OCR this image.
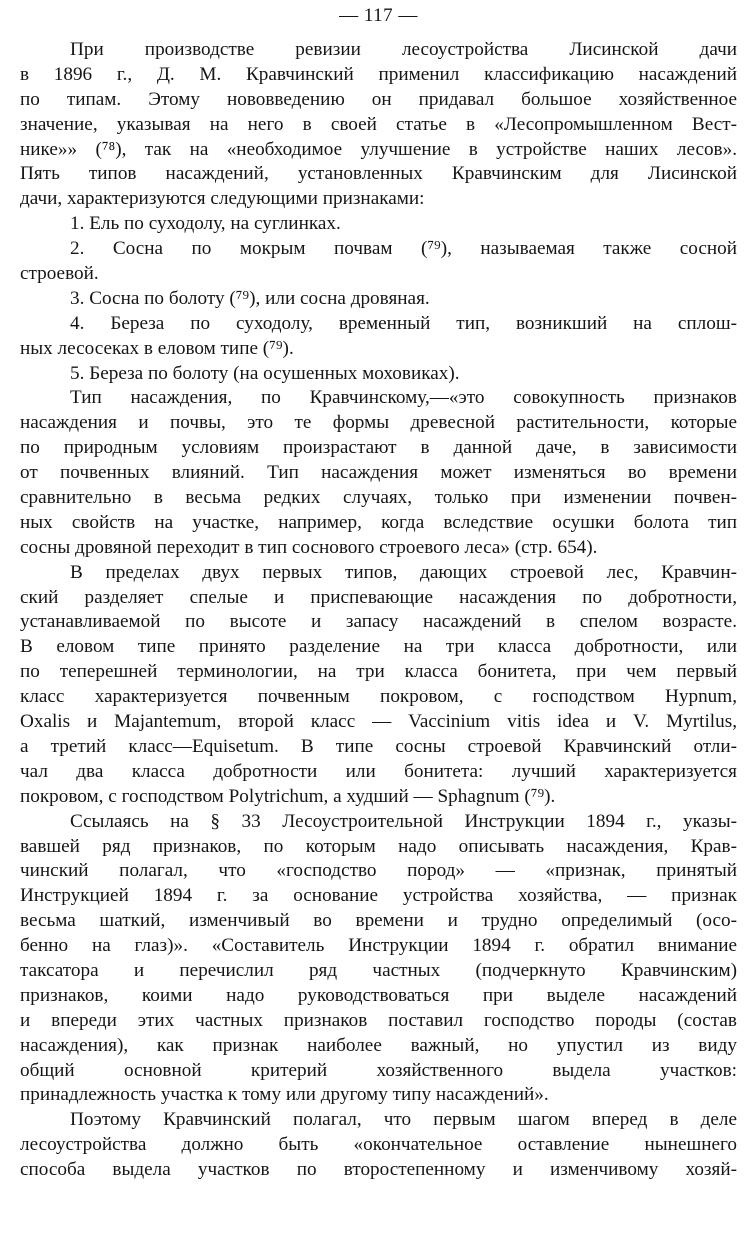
— 117 —
При производстве ревизии лесоустройства Лисинской дачи
в 1896 г., Д. М. Кравчинский применил классификацию насаждений
по типам. Этому нововведению он придавал большое хозяйственное
значение, указывая на него в своей статье в «Лесопромышленном Вест-
нике»» (⁷⁸), так на «необходимое улучшение в устройстве наших лесов».
Пять типов насаждений, установленных Кравчинским для Лисинской
дачи, характеризуются следующими признаками:
1. Ель по суходолу, на суглинках.
2. Сосна по мокрым почвам (⁷⁹), называемая также сосной
строевой.
3. Сосна по болоту (⁷⁹), или сосна дровяная.
4. Береза по суходолу, временный тип, возникший на сплош-
ных лесосеках в еловом типе (⁷⁹).
5. Береза по болоту (на осушенных моховиках).
Тип насаждения, по Кравчинскому,—«это совокупность признаков
насаждения и почвы, это те формы древесной растительности, которые
по природным условиям произрастают в данной даче, в зависимости
от почвенных влияний. Тип насаждения может изменяться во времени
сравнительно в весьма редких случаях, только при изменении почвен-
ных свойств на участке, например, когда вследствие осушки болота тип
сосны дровяной переходит в тип соснового строевого леса» (стр. 654).
В пределах двух первых типов, дающих строевой лес, Кравчин-
ский разделяет спелые и приспевающие насаждения по добротности,
устанавливаемой по высоте и запасу насаждений в спелом возрасте.
В еловом типе принято разделение на три класса добротности, или
по теперешней терминологии, на три класса бонитета, при чем первый
класс характеризуется почвенным покровом, с господством Hypnum,
Oxalis и Majantemum, второй класс — Vaccinium vitis idea и V. Myrtilus,
а третий класс—Equisetum. В типе сосны строевой Кравчинский отли-
чал два класса добротности или бонитета: лучший характеризуется
покровом, с господством Polytrichum, а худший — Sphagnum (⁷⁹).
Ссылаясь на § 33 Лесоустроительной Инструкции 1894 г., указы-
вавшей ряд признаков, по которым надо описывать насаждения, Крав-
чинский полагал, что «господство пород» — «признак, принятый
Инструкцией 1894 г. за основание устройства хозяйства, — признак
весьма шаткий, изменчивый во времени и трудно определимый (осо-
бенно на глаз)». «Составитель Инструкции 1894 г. обратил внимание
таксатора и перечислил ряд частных (подчеркнуто Кравчинским)
признаков, коими надо руководствоваться при выделе насаждений
и впереди этих частных признаков поставил господство породы (состав
насаждения), как признак наиболее важный, но упустил из виду
общий основной критерий хозяйственного выдела участков:
принадлежность участка к тому или другому типу насаждений».
Поэтому Кравчинский полагал, что первым шагом вперед в деле
лесоустройства должно быть «окончательное оставление нынешнего
способа выдела участков по второстепенному и изменчивому хозяй-
